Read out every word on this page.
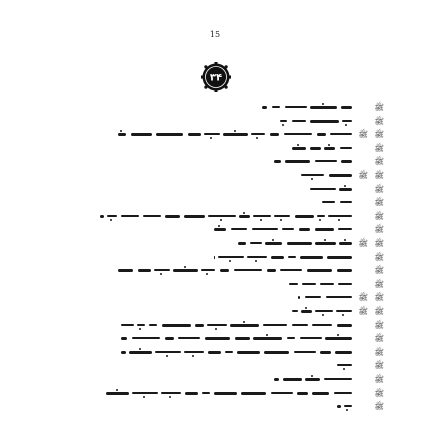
15
۳۴
ﷺ
ﷺ
ﷺ
ﷺ
ﷺ
ﷺ
ﷺ
ﷺ
ﷺ
ﷺ
ﷺ
ﷺ
ﷺ
ﷺ
ﷺ
ﷺ
ﷺ
ﷺ
ﷺ
ﷺ
ﷺ
ﷺ
ﷺ
ﷺ
ﷺ
ﷺ
ﷺ
ﷺ
